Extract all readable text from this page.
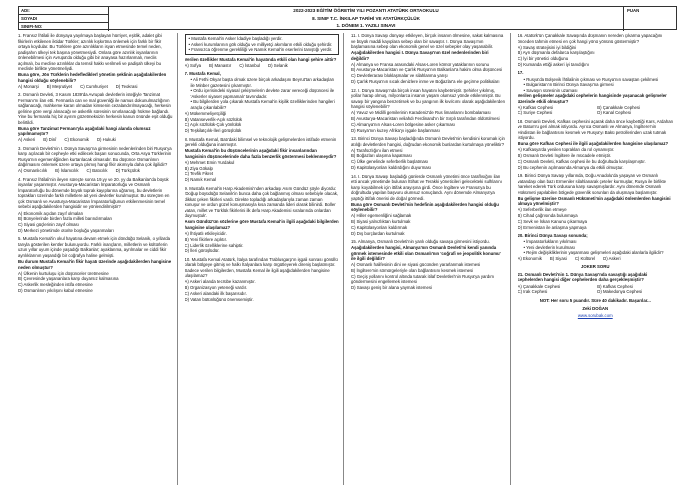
ADI:
SOYADI
SINIFI-NO:
2022-2023 EĞİTİM ÖĞRETİM YILI POZANTI ATATÜRK ORTAOKULU
8. SINIF T.C. İNKILAP TARİHİ VE ATATÜRKÇÜLÜK
1. DÖNEM 1. YAZILI SINAVI
PUAN

1. Fransız İhtilali ile dünyaya yayılmaya başlayan hürriyet, eşitlik, adalet gibi fikirlerin etkilenen iktidar Türkler; azınlık kışkırtma önlemek için farklı bir fikir ortaya koydular. Bu Türklere göre azınlıkların isyan etmesinde temel neden, padişahın ülkeyi tek başına yönetmesiydi. Onlara göre azınlık isyanlarının önlenebilmesi için Avrupa'da olduğu gibi bir anayasa hazırlanmalı, meclis açılmalı, bu meclise azınlıklar da temsil hakkı verilmeli ve padişah ülkeyi bu meclisle birlikte yönetmeliydi.

Buna göre, Jön Türklerin hedeflediklerİ yönetim şeklinin aşağıdakilerden hangisi olduğu söylenebilir?

A) Monarşi B) Meşrutiyet C) Cumhuriyet D) Teokrasi

2. Osmanlı Devleti, 3 Kasım 1839'da Avrupalı devletlerin isteğiyle Tanzimat Fermanı'nı ilan etti. Fermanla can ve mal güvenliği ile namus dokunulmazlığının sağlanacağı, mahkeme kararı olmadan kimsenin cezalandırılmayacağı, herkesin gelirine göre vergi alınacağı ve askerlik süresinin sınırlanacağı hükme bağlandı. Yine bu fermanla hiç bir ayırım gözetmeksizin herkesin kanun önünde eşit olduğu belirtildi.

Buna göre Tanzimat Fermanı'yla aşağıdaki hangi alanda olumsuz yapılmamıştır?

A) Askeri B) Dinî C) Ekonomik D) Hukuki

3. Osmanlı Devleti'nin I. Dünya Savaşı'na girmesinin nedenlerinden biri Rusya'ya karşı açılacak bir cepheyle etki edilecek başarı sonucunda, Orta Asya Türklerinin Rusya'nın egemenliğinden kurtarılacak olmasıdır. Bu düşünce Osmanlının dağılmasını önlemek üzere ortaya çıkmış hangi fikir akımıyla daha çok ilgilidir?

A) Osmanlıcılık B) İslamcılık C) Batıcılık D) Türkçülük

4. Fransız İhtilali'nin ileyen süreçte sonra 19.yy ve 20. yy da Balkanlar'da büyük isyanlar yaşanmıştır. Avusturya-Macaristan İmparatorluğu ve Osmanlı İmparatorluğu bu dönemde büyük toprak kayıplarına uğramış, bu devletlerin toprakları üzerinde farklı milletlere ait yeni devletler kurulmuştur. Bu süreçten en çok Osmanlı ve Avusturya-Macaristan İmparatorluğunun etkilenmesinin temel sebebi aşağıdakilerden hangisidir ve yönlendirilmiştir?

A) Ekonomik açıdan zayıf olmaları
B) Bünyelerinde birden fazla milleti barındırmaları
C) Siyasi güçlerinin zayıf olması
D) Merkezi yönetimde otorite boşluğu yaşanmaları

5. Mustafa Kemal'in okul hayatına devam etmek için döndüğü Selanik, o yıllarda tarıyla gösterilen kentler bulunuyordu. Farklı inançların, milletlerin ve kültürlerin uzun yıllar uyum içinde yaşadığı Balkanlar; ayaklanma, ayrılmalar ve ciddi fikir ayrılıklarının yaşandığı bir coğrafya haline gelmişti.

Bu durum Mustafa Kemal'in fikir hayatı üzerinde aşağıdakilerden hangisine neden olmuştur?

A) Ülkenin kurtuluşu için düşünceler üretmesine
B) Çevresinde yaşananlara karşı duyarsız kalmasına
C) Askerlik mesleğinden istifa etmesine
D) Osmanlının yıkılışını kabul etmesine
• Mustafa Kemal'in Asker İdadiye başladığı yerdir.
• Askeri kurumlarının gök olduğu ve milliyetçi akımların etkili olduğu şehirdir.
• Fransızca öğrenme gerekliliği ve Namık Kemal'in eserlerini tanıştığı yerdir.

Verilen özellikler Mustafa Kemal'in hayatında etkili olan hangi şehire aittir?

A) Sofya B) Manastır C) İstanbul D) Selanik

7. Mustafa Kemal,

• Ali Fethi Okyar başta olmak üzere birçok arkadaşını Beyrut'tan arkadaşları ile Minber gazetesini çıkarmıştır.
• Ordu içerisindeki siyasal çekişmelerin devlete zarar vereceği düşüncesi ile 'Askerler siyaset yapmamalı' tavrındadır.
• Bu bilgilerden yola çıkarak Mustafa Kemal'in kişilik özelliklerinden hangileri araçla çıkarılabilir?
A) Mükemmeliyetçiliği
B) Vatanseverlik-Açık sözlülük
C) Açık sözlülük-Çok yönlülük
D) Teşkilatçılık-İleri görüşlülük

8. Mustafa Kemal, Batı'daki bilimsel ve teknolojik gelişmelerden istifade etmenin gerekli olduğuna inanmıştır.

Mustafa Kemal'in bu düşüncelerinin aşağıdaki fikir insanlarından hangisinin düşüncelerinde daha fazla benzerlik göstermesi beklenmeydir?

A) Mehmet Emin Yurdakul
B) Ziya Gökalp
C) Tevfik Fikret
D) Namık Kemal

9. Mustafa Kemal'in Harp Akademisi'nden arkadaşı Asım Gündüz şöyle diyordu: 'Doğup büyüdüğü Selanik'in bunca daha çok bağlanmış olması sebebiyle olacak, dikkat çeken fikirleri vardı. Direkte topladığı arkadaşlarıyla zaman zaman konuşur ve ordun güzel konuşmasıyla kısa zamanda lideri olarak bilinirdi. Boller vatan, millet ve Türklük fikirlerini ilk defa Harp Akademisi sıralarında onlardan duymuştuk'.

Asım Gündüz'ün sözlerine göre Mustafa Kemal'in ilgili aşağıdaki bilgilerden hangisine ulaşılamaz?

A) İhtiyatlı etkileyicidir.
B) Yeni fikirlere açıktır.
C) Liderlik özelliklerine sahiptir.
D) İleri görüşlüdür.

10. Mustafa Kemal Atatürk, İtalya tarafından Trablusgarp'ın işgali sonrası gönüllü olarak bölgeye gitmiş ve halkı İtalyanlara karşı örgütleyerek direniş başlatmıştır. Sadece verilen bilgilerden, Mustafa Kemal ile ilgili aşağıdakilerden hangisine ulaşılamaz?

A) Askeri alanda tecrübe kazanmıştır.
B) Organizasyon yeteneği vardır.
C) Askeri alandaki ilk başarısıdır.
D) Vatan bütünlüğünü önemsemiştir.

11. I. Dünya Savaşı dünyayı etkileyen, birçok insanın ölmesine, sakat kalmasına ve büyük maddi kayıplara sebep olan bir savaştır. I. Dünya Savaşı'nın başlamasına sebep olan ekonomik genel ve özel sebepler olay yaşanabilir.

Aşağıdakilerden hangisi I. Dünya Savaşı'nın özel nedenlerinden biri değildir?

A) Almanya ve Fransa arasındaki Alsas-Loren kömür yataklarının sorunu
B) Avusturya-Macaristan ve Çarlık Rusya'nın Balkanlar'a hakim olma düşüncesi
C) Devletlerarası bloklaşmalar ve silahlanma yarışı
D) Çarlık Rusya'nın sıcak denizlere inme ve Boğazlar'a ele geçirme politikaları

12. I. Dünya Savaşı'nda birçok insan hayatını kaybetmiştir. Şehirler yıkılmış, yollar harap olmuş, milyonlarca insanın yaşam olumsuz yönde etkilenmiştir. Bu savaşı bir yangına benzetirsek ve bu yangının ilk kıvılcımı olarak aşağıdakilerden hangisi söylenebilir?

A) Yavuz ve Midilli gemilerinin Karadeniz'de Rus limanlarını bombalaması
B) Avusturya-Macaristan veliahdı Ferdinand'ın bir Sırplı tarafından öldürülmesi
C) Almanya'nın Alsas-Loren bölgesine asker çıkarması
D) Rusya'nın kuzey Afrika'yı işgale başlanması

13. Birinci Dünya Savaşı başladığında Osmanlı Devleti'nin kendisini korumak için atılığı devletlerden hangisi, doğrudan ekonomik bunlardan kurtulmaya yöneliktir?

A) Tarafsızlığını ilan etmesi
B) Boğazları ulaşıma kapatması
C) Ülke genelinde seferberlik başlatması
D) Kapitülasyonları kaldırdığını duyurması

14. I. Dünya Savaşı başladığı günlerde Osmanlı yönetimi önce taraflısığını ilan etti ancak yönetimde bulunan İttihat ve Terakki yöneticileri gelecekteki sulhlarını karşı koyabilmek için ittifak arayışına girdi. Önce İngiltere ve Fransa'ya bu doğrultuda yapılan başvuru olumsuz sonuçlandı. Aynı dönemde Almanya'ya yaptığı ittifak önerisi de doğal görmedi.

Buna göre Osmanlı Devleti'nin hedefinin aşağıdakilerden hangisi olduğu söylenebilir?

A) Hiller egemenliğini sağlamak
B) Siyasi yalnızlıktan kurtulmak
C) Kapitülasyonları kaldırmak
D) Dış borçlardan kurtulmak

15. Almanya, Osmanlı Devleti'nin yanlı olduğu savaşa girmesini istiyordu.

Aşağıdakilerden hangisi, Almanya'nın Osmanlı Devleti'ni kendi yanında görmek istemesinde etkili olan Osmanlı'nın 'coğrafi ve jeopolitik konumu' ile ilgili değildir?

A) Osmanlı halifesinin dini ve siyasi gücünden yararlanmak istemesi
B) İngiltere'nin sömürgeleriyle olan bağlantısını kesmek istemesi
C) Geçiş yollarını kontrol altında tutarak itilaf Devletleri'nin Rusya'ya yardım göndermesini engellemek istemesi
D) Savaşı geniş bir alana yaymak istemesi

16. Atatürk'ün Çanakkale Savaşında düşmanın nereden çıkarma yapacağını önceden tahmin etmesi en çok hangi yönü yönünü göstermiştir?

A) Savaş stratejisini iyi bildiğini
B) Ayrı düşmanla defalarca karşılaştığını
C) İyi bir yönetici olduğunu
D) Kumanda ettiği askeri iyi tanıdığını

17.

• Rusya'da Bolşevik İhtilalinin çıkması ve Rusya'nın savaştan çekilmesi
• Bulgaristan'ın Birinci Dünya Savaşı'na girmesi
• Savaşın süresinin uzaması

Verilen gelişmeler aşağıdaki cephelerin hangisinde yaşanacak gelişmeler üzerinde etkili olmuştur?

A) Kafkas Cephesi	B) Çanakkale Cephesi
C) Suriye Cephesi	D) Kanal Cephesi

18. Osmanlı Devleti, Kafkas cephesini açarak daha önce kaybettiği Kars, Ardahan ve Batum'u geri almak istiyordu. Ayrıca Osmanlı ve Almanya, İngiltere'nin Hindistan ile bağlantısını kesmek ve Rusya'yı Bakü petrollerinden uzak tutmak istiyordu.

Buna göre Kafkas Cephesi ile ilgili aşağıdakilerden hangisine ulaşılamaz?

A) Kafkasya'da yenilen toprakları da rol oynamıştır.
B) Osmanlı Devleti İngiltere ile mücadele etmiştir.
C) Osmanlı Devleti, Kafkas cephesi ile bu doğrultuda karşılaşmıştır.
D) Bu cephenin açılmasında Almanya da etkili olmuştur.

19. Birinci Dünya Savaşı yıllarında, Doğu Anadolu'da yaşayan ve Osmanlı vatandaşı olan bazı Ermeniler silahlanarak çeteler kurmuşlar, Rusya ile birlikte hareket ederek Türk ordusuna karşı savaşmışlardır. Aynı dönemde Osmanlı Hükümeti yapılabilen bölgede güvenlik sorunları da oluşmaya başlamıştır.

Bu gelişme üzerine Osmanlı Hükümeti'nin aşağıdaki önlemlerden hangisini almaya yönelmiştir?

A) Seferberlik ilan etmeye
B) Cihad çağrısında bulunmaya
C) Sevk ve İskan Kanunu çıkarmaya
D) Ermenistan ile anlaşma yapmaya

20. Birinci Dünya Savaşı sonunda;

• İmparatorlukların yıkılması
• Yeni devletlerin kurulması
• Rejim değişikliklerinin yaşanması gelişmeleri aşağıdaki alanlarla ilgilidir?
A) Ekonomik B) Siyasi C) Kültürel D) Askeri
JOKER SORU

21. Osmanlı Devleti'nin 1. Dünya Savaşı'nda savaştığı aşağıdaki cephelerden hangisi diğer cephelerden daha gerçekleşmiştir?

A) Çanakkale Cephesi	B) Kafkas Cephesi
C) Irak Cephesi	D) Makedonya Cephesi
NOT: Her soru 5 puandır. Süre 40 dakikadır. Başarılar...
Zeki DOĞAN
www.sorubak.com
